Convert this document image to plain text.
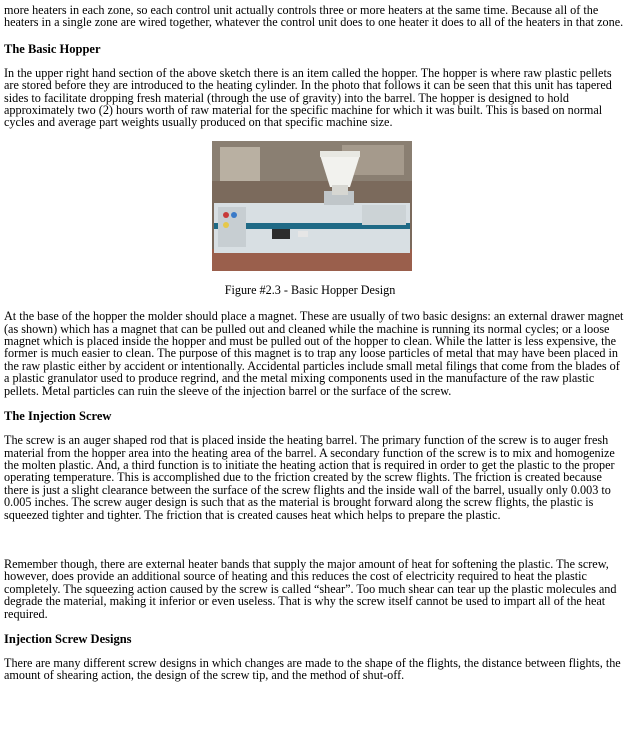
more heaters in each zone, so each control unit actually controls three or more heaters at the same time. Because all of the heaters in a single zone are wired together, whatever the control unit does to one heater it does to all of the heaters in that zone.

The Basic Hopper

In the upper right hand section of the above sketch there is an item called the hopper. The hopper is where raw plastic pellets are stored before they are introduced to the heating cylinder. In the photo that follows it can be seen that this unit has tapered sides to facilitate dropping fresh material (through the use of gravity) into the barrel. The hopper is designed to hold approximately two (2) hours worth of raw material for the specific machine for which it was built. This is based on normal cycles and average part weights usually produced on that specific machine size.

Figure #2.3 - Basic Hopper Design

At the base of the hopper the molder should place a magnet. These are usually of two basic designs: an external drawer magnet (as shown) which has a magnet that can be pulled out and cleaned while the machine is running its normal cycles; or a loose magnet which is placed inside the hopper and must be pulled out of the hopper to clean. While the latter is less expensive, the former is much easier to clean. The purpose of this magnet is to trap any loose particles of metal that may have been placed in the raw plastic either by accident or intentionally. Accidental particles include small metal filings that come from the blades of a plastic granulator used to produce regrind, and the metal mixing components used in the manufacture of the raw plastic pellets. Metal particles can ruin the sleeve of the injection barrel or the surface of the screw.

The Injection Screw

The screw is an auger shaped rod that is placed inside the heating barrel. The primary function of the screw is to auger fresh material from the hopper area into the heating area of the barrel. A secondary function of the screw is to mix and homogenize the molten plastic. And, a third function is to initiate the heating action that is required in order to get the plastic to the proper operating temperature. This is accomplished due to the friction created by the screw flights. The friction is created because there is just a slight clearance between the surface of the screw flights and the inside wall of the barrel, usually only 0.003 to 0.005 inches. The screw auger design is such that as the material is brought forward along the screw flights, the plastic is squeezed tighter and tighter. The friction that is created causes heat which helps to prepare the plastic.

Remember though, there are external heater bands that supply the major amount of heat for softening the plastic. The screw, however, does provide an additional source of heating and this reduces the cost of electricity required to heat the plastic completely. The squeezing action caused by the screw is called “shear”. Too much shear can tear up the plastic molecules and degrade the material, making it inferior or even useless. That is why the screw itself cannot be used to impart all of the heat required.

Injection Screw Designs

There are many different screw designs in which changes are made to the shape of the flights, the distance between flights, the amount of shearing action, the design of the screw tip, and the method of shut-off.
